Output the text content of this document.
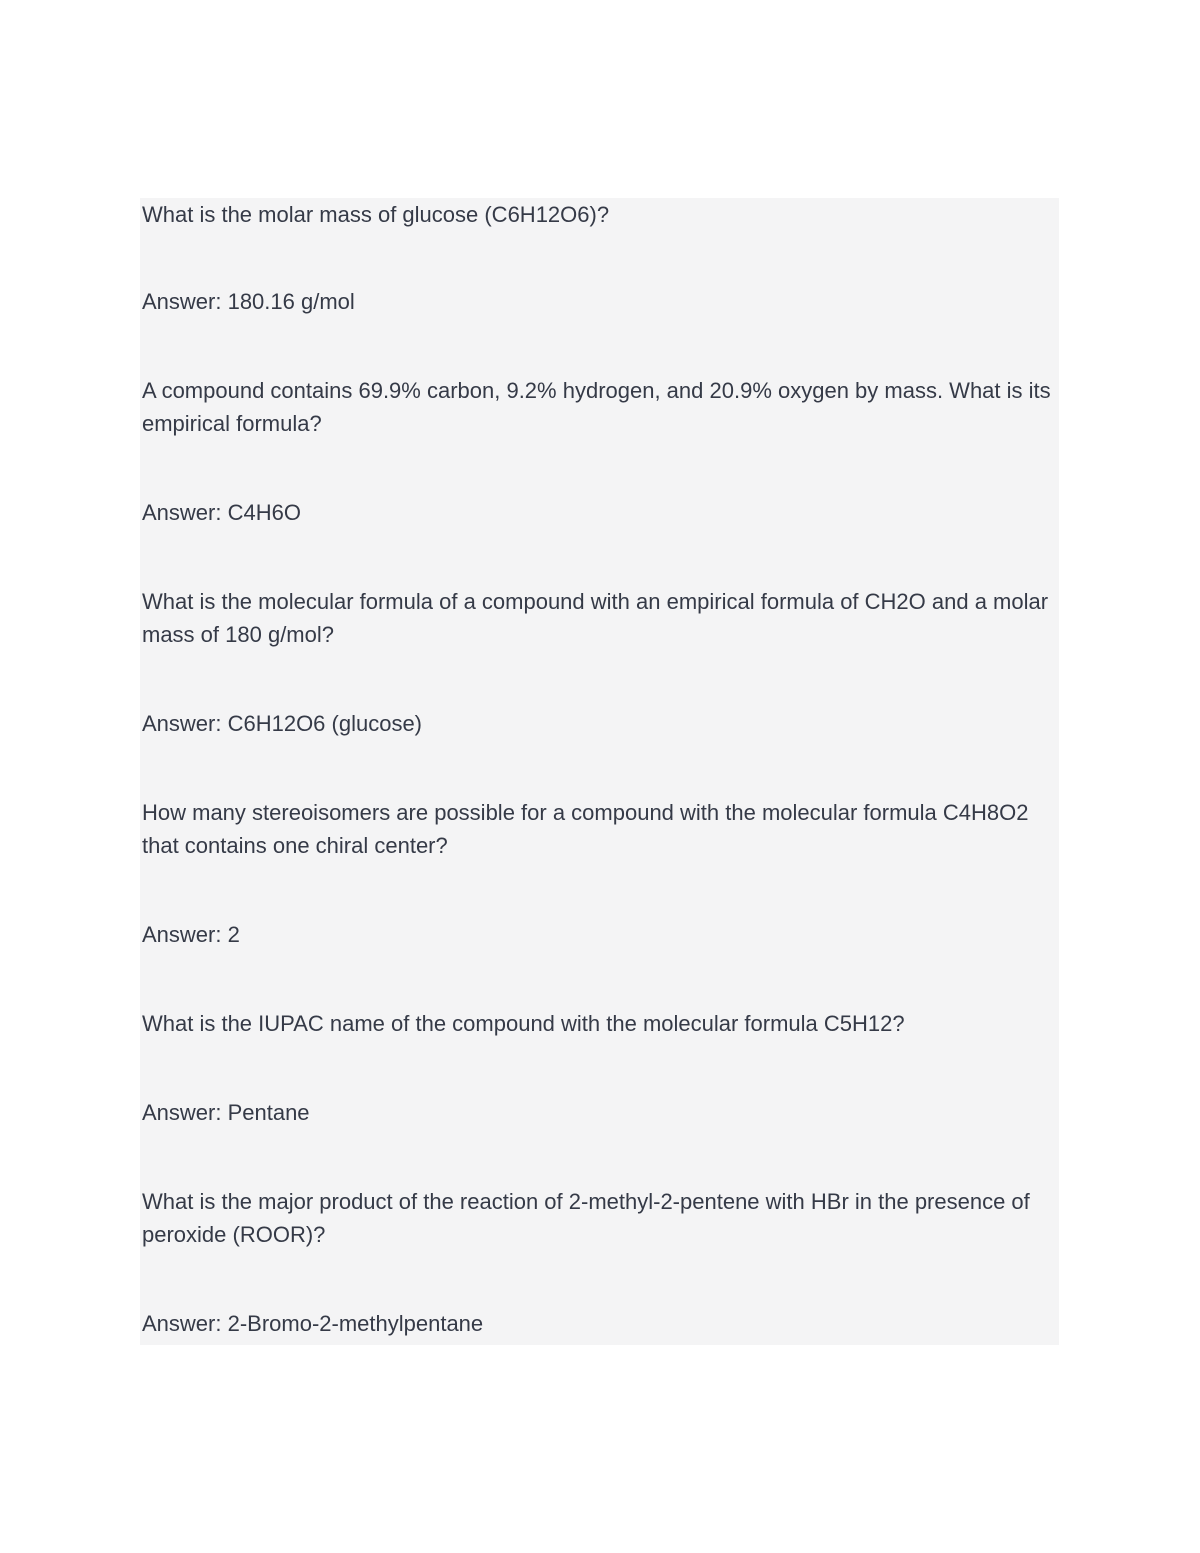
What is the molar mass of glucose (C6H12O6)?

Answer: 180.16 g/mol

A compound contains 69.9% carbon, 9.2% hydrogen, and 20.9% oxygen by mass. What is its empirical formula?

Answer: C4H6O

What is the molecular formula of a compound with an empirical formula of CH2O and a molar mass of 180 g/mol?

Answer: C6H12O6 (glucose)

How many stereoisomers are possible for a compound with the molecular formula C4H8O2 that contains one chiral center?

Answer: 2

What is the IUPAC name of the compound with the molecular formula C5H12?

Answer: Pentane

What is the major product of the reaction of 2-methyl-2-pentene with HBr in the presence of peroxide (ROOR)?

Answer: 2-Bromo-2-methylpentane
